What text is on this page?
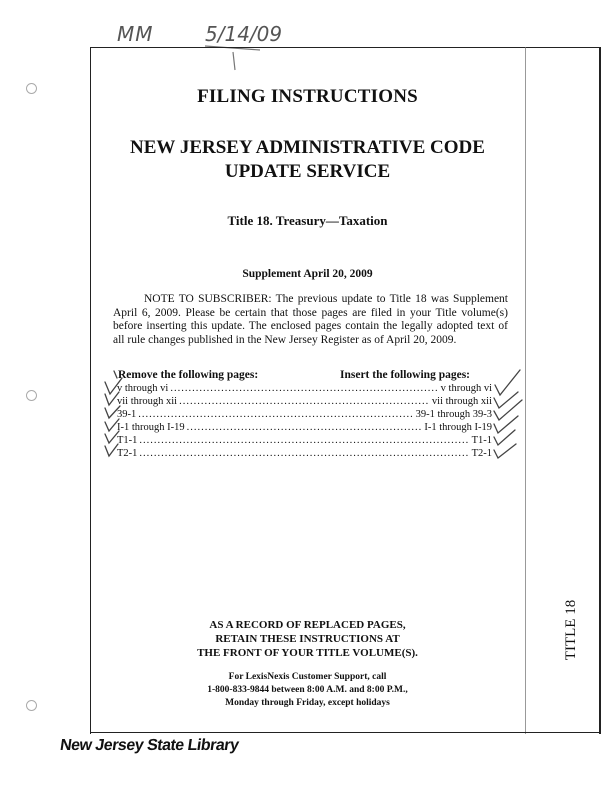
MM	5/14/09
FILING INSTRUCTIONS
NEW JERSEY ADMINISTRATIVE CODE
UPDATE SERVICE
Title 18. Treasury—Taxation
Supplement April 20, 2009
NOTE TO SUBSCRIBER: The previous update to Title 18 was Supplement April 6, 2009. Please be certain that those pages are filed in your Title volume(s) before inserting this update. The enclosed pages contain the legally adopted text of all rule changes published in the New Jersey Register as of April 20, 2009.
Remove the following pages:	Insert the following pages:
v through vi .....	v through vi
vii through xii .....	vii through xii
39-1 .....	39-1 through 39-3
I-1 through I-19 .....	I-1 through I-19
T1-1 .....	T1-1
T2-1 .....	T2-1
AS A RECORD OF REPLACED PAGES,
RETAIN THESE INSTRUCTIONS AT
THE FRONT OF YOUR TITLE VOLUME(S).
For LexisNexis Customer Support, call
1-800-833-9844 between 8:00 A.M. and 8:00 P.M.,
Monday through Friday, except holidays
TITLE 18
New Jersey State Library
